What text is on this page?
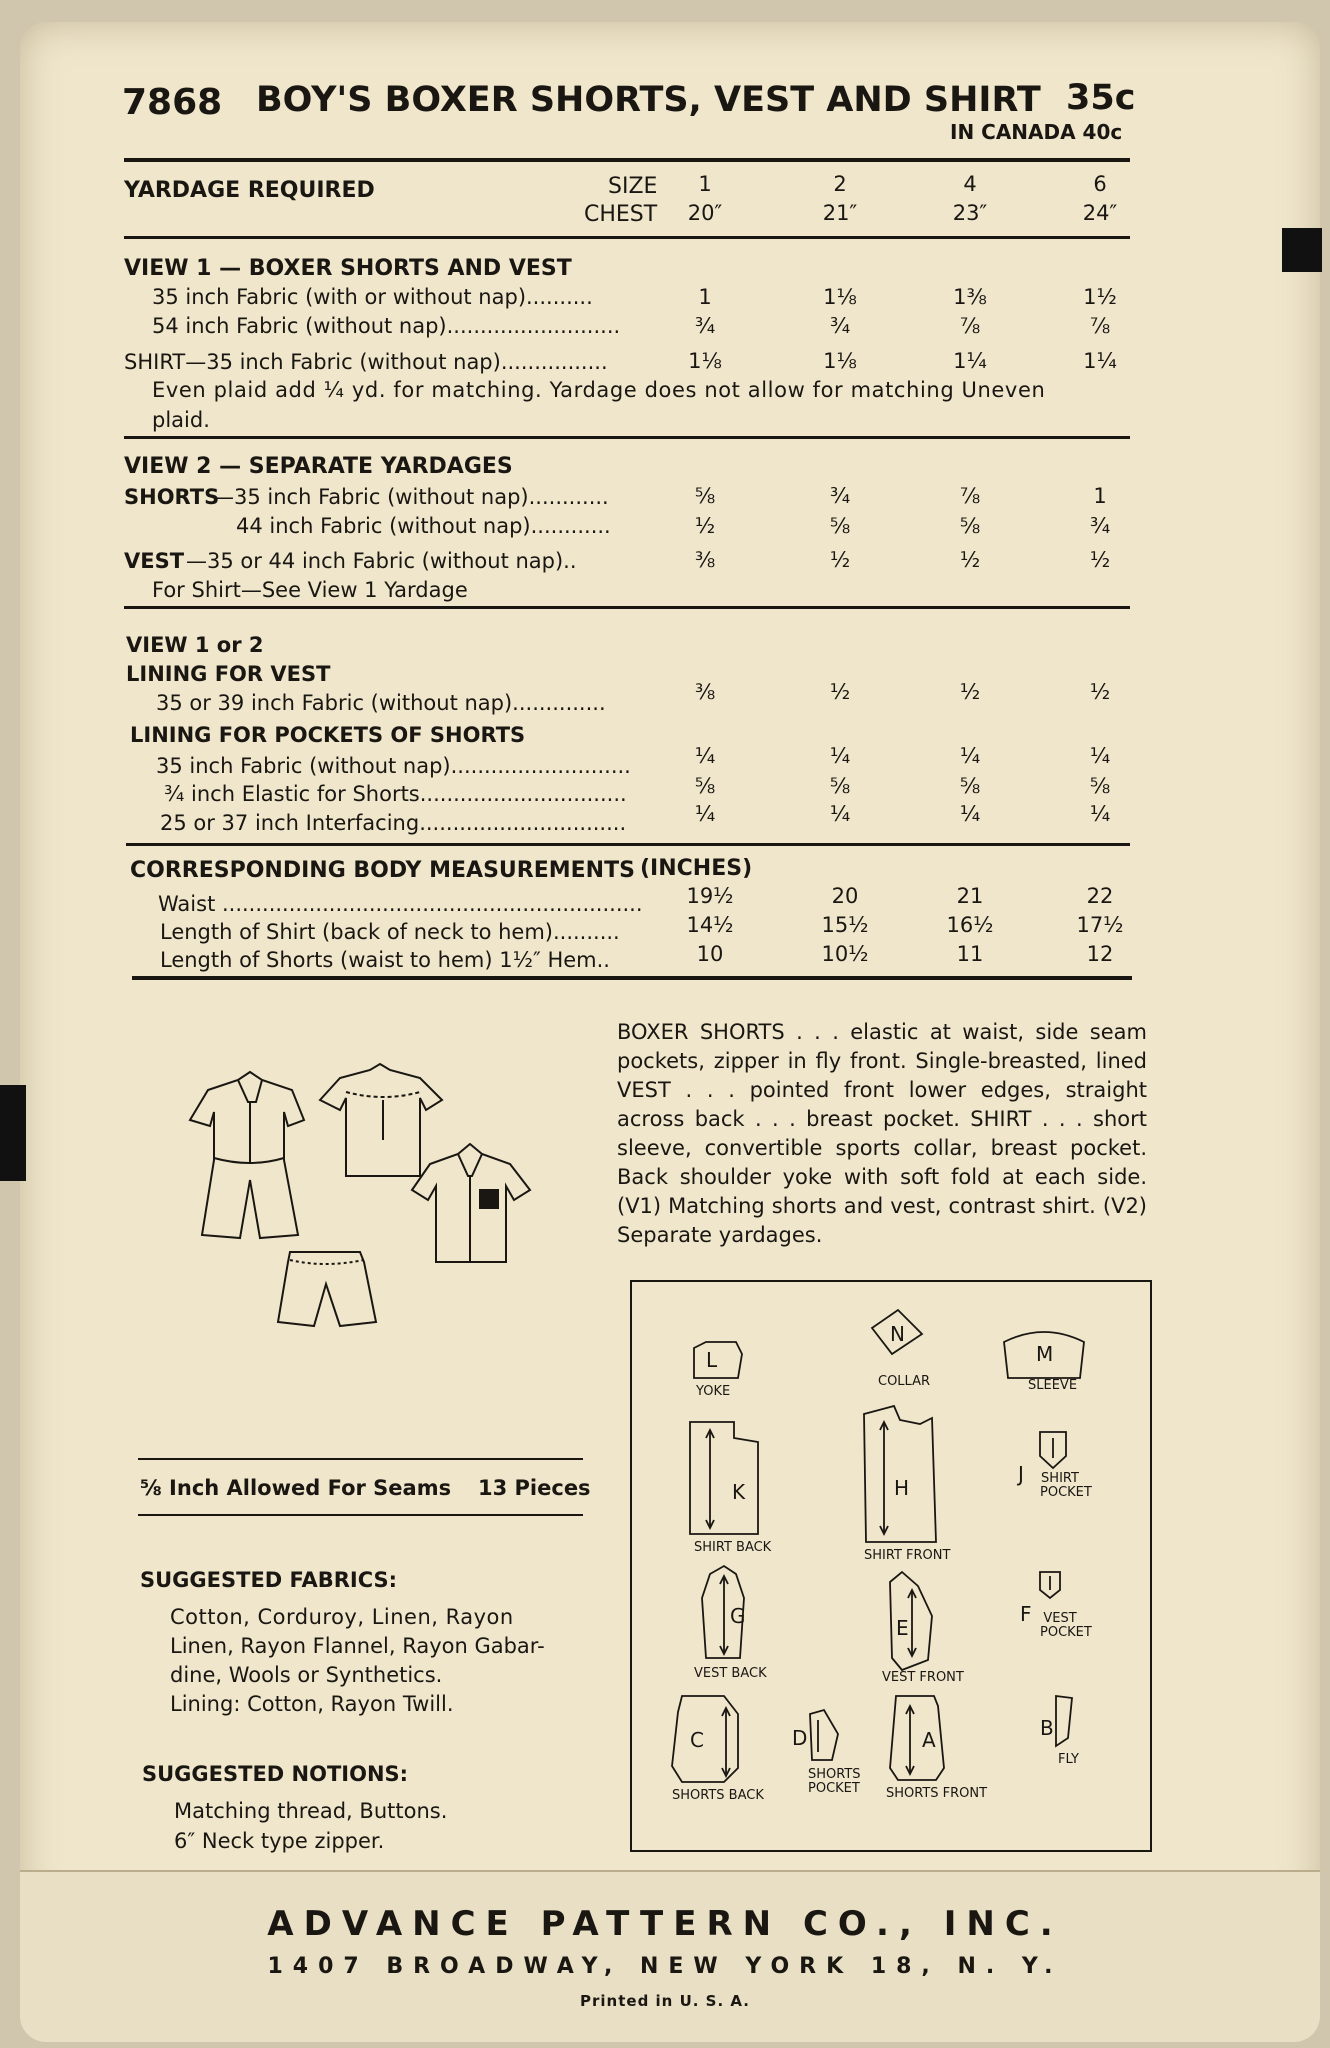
7868 BOY'S BOXER SHORTS, VEST AND SHIRT 35c
IN CANADA 40c
YARDAGE REQUIRED	SIZE
CHEST
1	2	4	6
20″	21″	23″	24″
VIEW 1 — BOXER SHORTS AND VEST
35 inch Fabric (with or without nap)..........	1	1⅛	1⅜	1½
54 inch Fabric (without nap)..........................	¾	¾	⅞	⅞
SHIRT—35 inch Fabric (without nap)................	1⅛	1⅛	1¼	1¼
Even plaid add ¼ yd. for matching. Yardage does not allow for matching Uneven
plaid.
VIEW 2 — SEPARATE YARDAGES
SHORTS
—35 inch Fabric (without nap)............	⅝	¾	⅞	1
44 inch Fabric (without nap)............	½	⅝	⅝	¾
VEST —35 or 44 inch Fabric (without nap)..	⅜	½	½	½
For Shirt—See View 1 Yardage
VIEW 1 or 2
LINING FOR VEST
35 or 39 inch Fabric (without nap)..............	⅜	½	½	½
LINING FOR POCKETS OF SHORTS
35 inch Fabric (without nap)...........................	¼	¼	¼	¼
¾ inch Elastic for Shorts...............................	⅝	⅝	⅝	⅝
25 or 37 inch Interfacing...............................	¼	¼	¼	¼
CORRESPONDING BODY MEASUREMENTS (INCHES)
Waist ...............................................................	19½	20	21	22
Length of Shirt (back of neck to hem)..........	14½	15½	16½	17½
Length of Shorts (waist to hem) 1½″ Hem..	10	10½	11	12
BOXER SHORTS . . . elastic at waist, side seam pockets, zipper in fly front. Single-breasted, lined VEST . . . pointed front lower edges, straight across back . . . breast pocket. SHIRT . . . short sleeve, convertible sports collar, breast pocket. Back shoulder yoke with soft fold at each side. (V1) Matching shorts and vest, contrast shirt. (V2) Separate yardages.
⅝ Inch Allowed For Seams 13 Pieces
SUGGESTED FABRICS:
Cotton, Corduroy, Linen, Rayon
Linen, Rayon Flannel, Rayon Gabar-
dine, Wools or Synthetics.
Lining: Cotton, Rayon Twill.
SUGGESTED NOTIONS:
Matching thread, Buttons.
6″ Neck type zipper.
L
YOKE
N
COLLAR
M
SLEEVE
K
SHIRT BACK
H
SHIRT FRONT
J SHIRT POCKET
G
VEST BACK
E
VEST FRONT
F VEST POCKET
C
SHORTS BACK
D
SHORTS POCKET
A
SHORTS FRONT
B
FLY
ADVANCE PATTERN CO., INC.
1407 BROADWAY, NEW YORK 18, N. Y.
Printed in U. S. A.
